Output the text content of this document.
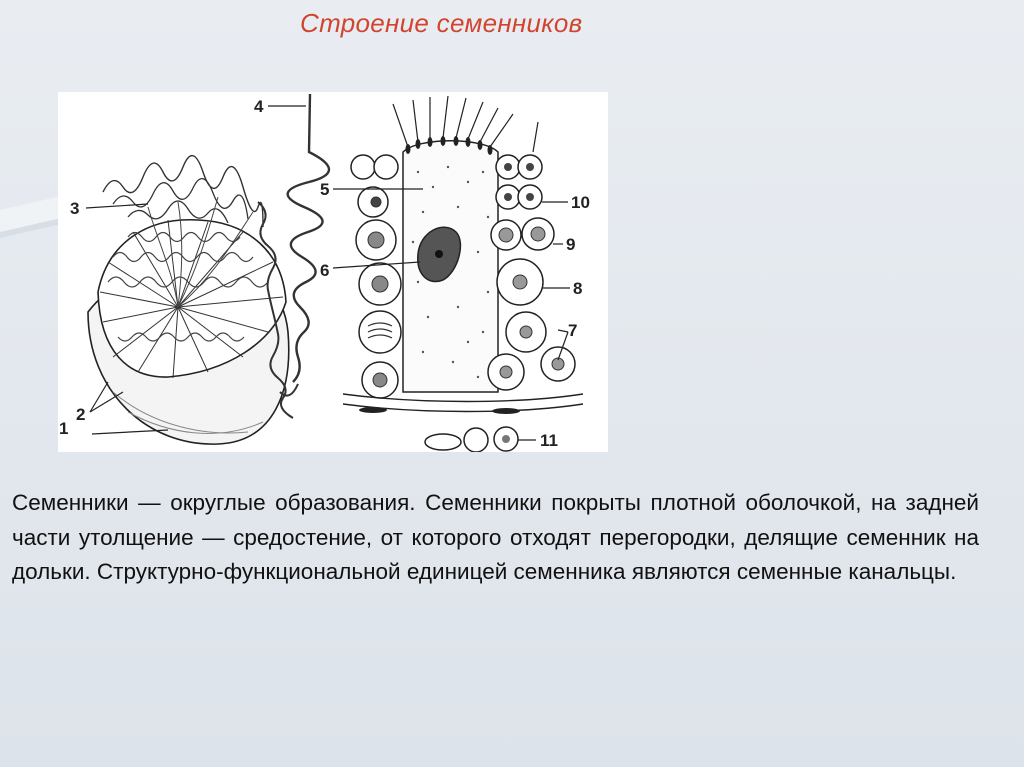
Строение семенников
1
2
3
4
5
6
7
8
9
10
11
Семенники — округлые образования. Семенники покрыты плотной оболочкой, на задней части утолщение — средостение, от которого отходят перегородки, делящие семенник на дольки. Структурно-функциональной единицей семенника являются семенные канальцы.
